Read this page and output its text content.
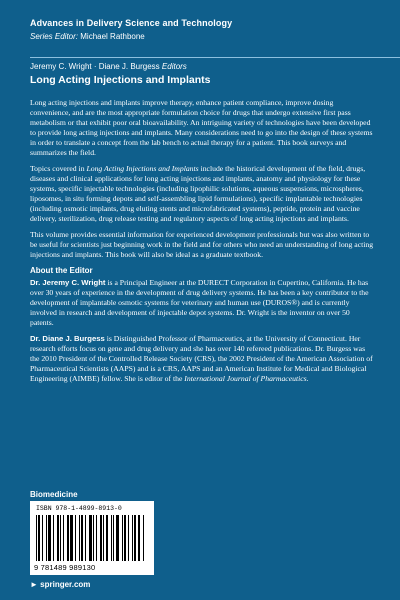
Advances in Delivery Science and Technology
Series Editor: Michael Rathbone
Jeremy C. Wright · Diane J. Burgess Editors
Long Acting Injections and Implants

Long acting injections and implants improve therapy, enhance patient compliance, improve dosing convenience, and are the most appropriate formulation choice for drugs that undergo extensive first pass metabolism or that exhibit poor oral bioavailability. An intriguing variety of technologies have been developed to provide long acting injections and implants. Many considerations need to go into the design of these systems in order to translate a concept from the lab bench to actual therapy for a patient. This book surveys and summarizes the field.

Topics covered in Long Acting Injections and Implants include the historical development of the field, drugs, diseases and clinical applications for long acting injections and implants, anatomy and physiology for these systems, specific injectable technologies (including lipophilic solutions, aqueous suspensions, microspheres, liposomes, in situ forming depots and self-assembling lipid formulations), specific implantable technologies (including osmotic implants, drug eluting stents and microfabricated systems), peptide, protein and vaccine delivery, sterilization, drug release testing and regulatory aspects of long acting injections and implants.

This volume provides essential information for experienced development professionals but was also written to be useful for scientists just beginning work in the field and for others who need an understanding of long acting injections and implants. This book will also be ideal as a graduate textbook.

About the Editor

Dr. Jeremy C. Wright is a Principal Engineer at the DURECT Corporation in Cupertino, California. He has over 30 years of experience in the development of drug delivery systems. He has been a key contributor to the development of implantable osmotic systems for veterinary and human use (DUROS®) and is currently involved in research and development of injectable depot systems. Dr. Wright is the inventor on over 50 patents.

Dr. Diane J. Burgess is Distinguished Professor of Pharmaceutics, at the University of Connecticut. Her research efforts focus on gene and drug delivery and she has over 140 refereed publications. Dr. Burgess was the 2010 President of the Controlled Release Society (CRS), the 2002 President of the American Association of Pharmaceutical Scientists (AAPS) and is a CRS, AAPS and an American Institute for Medical and Biological Engineering (AIMBE) fellow. She is editor of the International Journal of Pharmaceutics.

Biomedicine
ISBN 978-1-4899-8913-0
9 781489 989130
► springer.com
